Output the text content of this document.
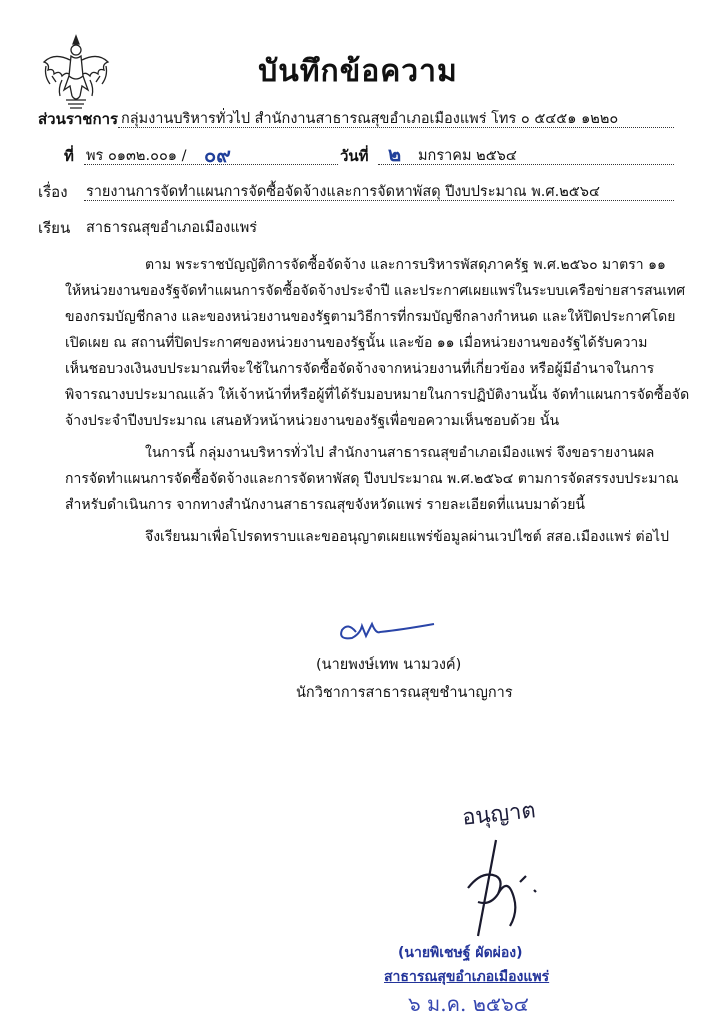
บันทึกข้อความ
ส่วนราชการ กลุ่มงานบริหารทั่วไป สำนักงานสาธารณสุขอำเภอเมืองแพร่ โทร ๐ ๕๔๕๑ ๑๒๒๐
ที่ พร ๐๑๓๒.๐๐๑ / ๐๙	วันที่ ๒ มกราคม ๒๕๖๔
เรื่อง รายงานการจัดทำแผนการจัดซื้อจัดจ้างและการจัดหาพัสดุ ปีงบประมาณ พ.ศ.๒๕๖๔
เรียน สาธารณสุขอำเภอเมืองแพร่
ตาม พระราชบัญญัติการจัดซื้อจัดจ้าง และการบริหารพัสดุภาครัฐ พ.ศ.๒๕๖๐ มาตรา ๑๑
ให้หน่วยงานของรัฐจัดทำแผนการจัดซื้อจัดจ้างประจำปี และประกาศเผยแพร่ในระบบเครือข่ายสารสนเทศ
ของกรมบัญชีกลาง และของหน่วยงานของรัฐตามวิธีการที่กรมบัญชีกลางกำหนด และให้ปิดประกาศโดย
เปิดเผย ณ สถานที่ปิดประกาศของหน่วยงานของรัฐนั้น และข้อ ๑๑ เมื่อหน่วยงานของรัฐได้รับความ
เห็นชอบวงเงินงบประมาณที่จะใช้ในการจัดซื้อจัดจ้างจากหน่วยงานที่เกี่ยวข้อง หรือผู้มีอำนาจในการ
พิจารณางบประมาณแล้ว ให้เจ้าหน้าที่หรือผู้ที่ได้รับมอบหมายในการปฏิบัติงานนั้น จัดทำแผนการจัดซื้อจัด
จ้างประจำปีงบประมาณ เสนอหัวหน้าหน่วยงานของรัฐเพื่อขอความเห็นชอบด้วย นั้น
ในการนี้ กลุ่มงานบริหารทั่วไป สำนักงานสาธารณสุขอำเภอเมืองแพร่ จึงขอรายงานผล
การจัดทำแผนการจัดซื้อจัดจ้างและการจัดหาพัสดุ ปีงบประมาณ พ.ศ.๒๕๖๔ ตามการจัดสรรงบประมาณ
สำหรับดำเนินการ จากทางสำนักงานสาธารณสุขจังหวัดแพร่ รายละเอียดที่แนบมาด้วยนี้
จึงเรียนมาเพื่อโปรดทราบและขออนุญาตเผยแพร่ข้อมูลผ่านเวปไซต์ สสอ.เมืองแพร่ ต่อไป
(นายพงษ์เทพ นามวงค์)
นักวิชาการสาธารณสุขชำนาญการ
อนุญาต
(นายพิเชษฐ์ ผัดผ่อง)
สาธารณสุขอำเภอเมืองแพร่
๖ ม.ค. ๒๕๖๔
